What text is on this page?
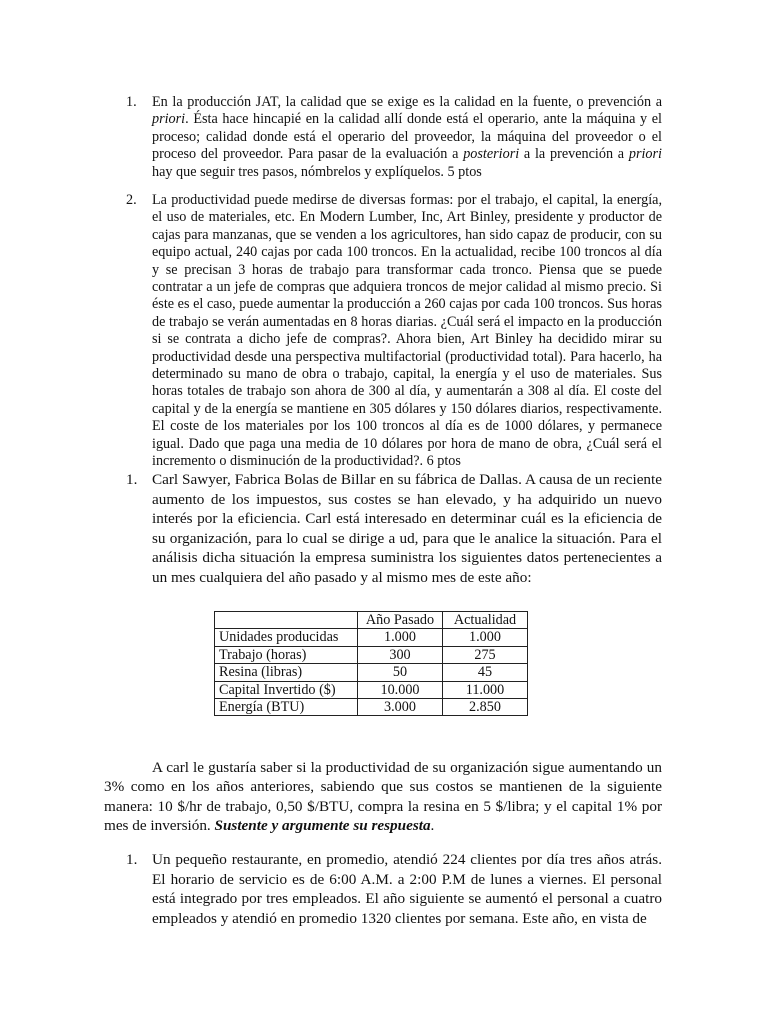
1.	En la producción JAT, la calidad que se exige es la calidad en la fuente, o prevención a priori. Ésta hace hincapié en la calidad allí donde está el operario, ante la máquina y el proceso; calidad donde está el operario del proveedor, la máquina del proveedor o el proceso del proveedor. Para pasar de la evaluación a posteriori a la prevención a priori hay que seguir tres pasos, nómbrelos y explíquelos. 5 ptos
2.	La productividad puede medirse de diversas formas: por el trabajo, el capital, la energía, el uso de materiales, etc. En Modern Lumber, Inc, Art Binley, presidente y productor de cajas para manzanas, que se venden a los agricultores, han sido capaz de producir, con su equipo actual, 240 cajas por cada 100 troncos. En la actualidad, recibe 100 troncos al día y se precisan 3 horas de trabajo para transformar cada tronco. Piensa que se puede contratar a un jefe de compras que adquiera troncos de mejor calidad al mismo precio. Si éste es el caso, puede aumentar la producción a 260 cajas por cada 100 troncos. Sus horas de trabajo se verán aumentadas en 8 horas diarias. ¿Cuál será el impacto en la producción si se contrata a dicho jefe de compras?. Ahora bien, Art Binley ha decidido mirar su productividad desde una perspectiva multifactorial (productividad total). Para hacerlo, ha determinado su mano de obra o trabajo, capital, la energía y el uso de materiales. Sus horas totales de trabajo son ahora de 300 al día, y aumentarán a 308 al día. El coste del capital y de la energía se mantiene en 305 dólares y 150 dólares diarios, respectivamente. El coste de los materiales por los 100 troncos al día es de 1000 dólares, y permanece igual. Dado que paga una media de 10 dólares por hora de mano de obra, ¿Cuál será el incremento o disminución de la productividad?. 6 ptos
1. Carl Sawyer, Fabrica Bolas de Billar en su fábrica de Dallas. A causa de un reciente aumento de los impuestos, sus costes se han elevado, y ha adquirido un nuevo interés por la eficiencia. Carl está interesado en determinar cuál es la eficiencia de su organización, para lo cual se dirige a ud, para que le analice la situación. Para el análisis dicha situación la empresa suministra los siguientes datos pertenecientes a un mes cualquiera del año pasado y al mismo mes de este año:
	Año Pasado	Actualidad
Unidades producidas	1.000	1.000
Trabajo (horas)	300	275
Resina (libras)	50	45
Capital Invertido ($)	10.000	11.000
Energía (BTU)	3.000	2.850
A carl le gustaría saber si la productividad de su organización sigue aumentando un 3% como en los años anteriores, sabiendo que sus costos se mantienen de la siguiente manera: 10 $/hr de trabajo, 0,50 $/BTU, compra la resina en 5 $/libra; y el capital 1% por mes de inversión. Sustente y argumente su respuesta.
1. Un pequeño restaurante, en promedio, atendió 224 clientes por día tres años atrás. El horario de servicio es de 6:00 A.M. a 2:00 P.M de lunes a viernes. El personal está integrado por tres empleados. El año siguiente se aumentó el personal a cuatro empleados y atendió en promedio 1320 clientes por semana. Este año, en vista de
